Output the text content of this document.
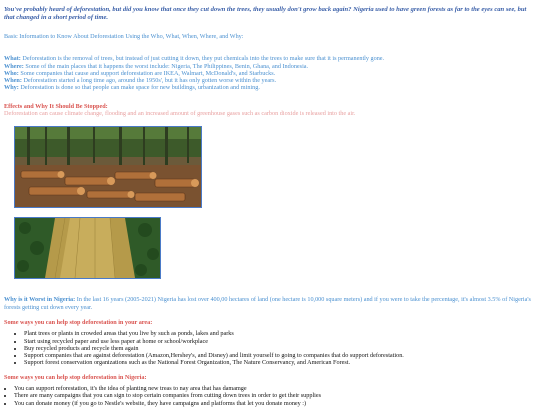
You've probably heard of deforestation, but did you know that once they cut down the trees, they usually don't grow back again? Nigeria used to have green forests as far to the eyes can see, but that changed in a short period of time.

Basic Information to Know About Deforestation Using the Who, What, When, Where, and Why:

What: Deforestation is the removal of trees, but instead of just cutting it down, they put chemicals into the trees to make sure that it is permanently gone.

Where: Some of the main places that it happens the worst include: Nigeria, The Philippines, Benin, Ghana, and Indonesia.

Who: Some companies that cause and support deforestation are IKEA, Walmart, McDonald's, and Starbucks.

When: Deforestation started a long time ago, around the 1950s', but it has only gotten worse within the years.

Why: Deforestation is done so that people can make space for new buildings, urbanization and mining.

Effects and Why It Should Be Stopped:
Deforestation can cause climate change, flooding and an increased amount of greenhouse gases such as carbon dioxide is released into the air.
Why is it Worst in Nigeria: In the last 16 years (2005-2021) Nigeria has lost over 400,00 hectares of land (one hectare is 10,000 square meters) and if you were to take the percentage, it's almost 3.5% of Nigeria's forests getting cut down every year.
Some ways you can help stop deforestation in your area:
• Plant trees or plants in crowded areas that you live by such as ponds, lakes and parks
• Start using recycled paper and use less paper at home or school/workplace
• Buy recycled products and recycle them again
• Support companies that are against deforestation (Amazon,Hershey's, and Disney) and limit yourself to going to companies that do support deforestation.
• Support forest conservation organizations such as the National Forest Organization, The Nature Conservancy, and American Forest.
Some ways you can help stop deforestation in Nigeria:
• You can support reforestation, it's the idea of planting new treas to nay area that has damamge
• There are many campaigns that you can sign to stop certain companies from cutting down trees in order to get their supplies
• You can donate money (if you go to Nestle's website, they have campaigns and platforms that let you donate money :)
